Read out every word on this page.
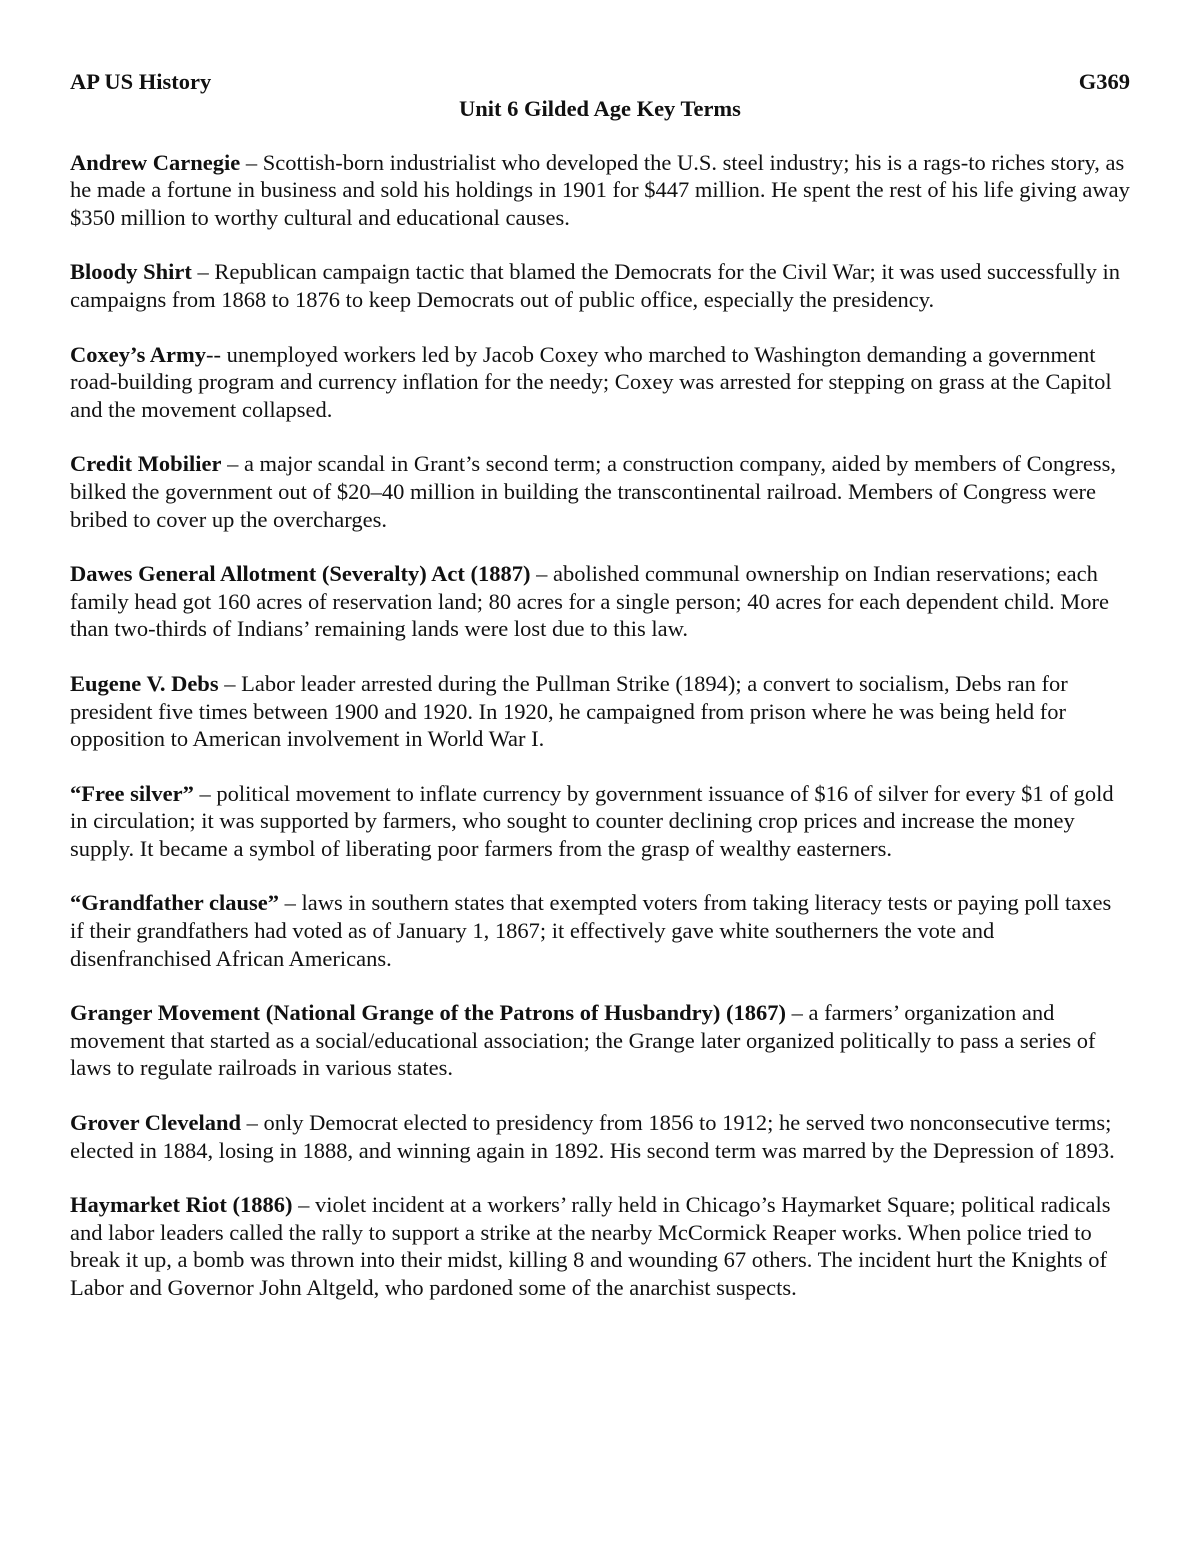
AP US History	G369
Unit 6 Gilded Age Key Terms
Andrew Carnegie – Scottish-born industrialist who developed the U.S. steel industry; his is a rags-to riches story, as he made a fortune in business and sold his holdings in 1901 for $447 million. He spent the rest of his life giving away $350 million to worthy cultural and educational causes.
Bloody Shirt – Republican campaign tactic that blamed the Democrats for the Civil War; it was used successfully in campaigns from 1868 to 1876 to keep Democrats out of public office, especially the presidency.
Coxey’s Army-- unemployed workers led by Jacob Coxey who marched to Washington demanding a government road-building program and currency inflation for the needy; Coxey was arrested for stepping on grass at the Capitol and the movement collapsed.
Credit Mobilier – a major scandal in Grant’s second term; a construction company, aided by members of Congress, bilked the government out of $20–40 million in building the transcontinental railroad. Members of Congress were bribed to cover up the overcharges.
Dawes General Allotment (Severalty) Act (1887) – abolished communal ownership on Indian reservations; each family head got 160 acres of reservation land; 80 acres for a single person; 40 acres for each dependent child. More than two-thirds of Indians’ remaining lands were lost due to this law.
Eugene V. Debs – Labor leader arrested during the Pullman Strike (1894); a convert to socialism, Debs ran for president five times between 1900 and 1920. In 1920, he campaigned from prison where he was being held for opposition to American involvement in World War I.
“Free silver” – political movement to inflate currency by government issuance of $16 of silver for every $1 of gold in circulation; it was supported by farmers, who sought to counter declining crop prices and increase the money supply. It became a symbol of liberating poor farmers from the grasp of wealthy easterners.
“Grandfather clause” – laws in southern states that exempted voters from taking literacy tests or paying poll taxes if their grandfathers had voted as of January 1, 1867; it effectively gave white southerners the vote and disenfranchised African Americans.
Granger Movement (National Grange of the Patrons of Husbandry) (1867) – a farmers’ organization and movement that started as a social/educational association; the Grange later organized politically to pass a series of laws to regulate railroads in various states.
Grover Cleveland – only Democrat elected to presidency from 1856 to 1912; he served two nonconsecutive terms; elected in 1884, losing in 1888, and winning again in 1892. His second term was marred by the Depression of 1893.
Haymarket Riot (1886) – violet incident at a workers’ rally held in Chicago’s Haymarket Square; political radicals and labor leaders called the rally to support a strike at the nearby McCormick Reaper works. When police tried to break it up, a bomb was thrown into their midst, killing 8 and wounding 67 others. The incident hurt the Knights of Labor and Governor John Altgeld, who pardoned some of the anarchist suspects.
